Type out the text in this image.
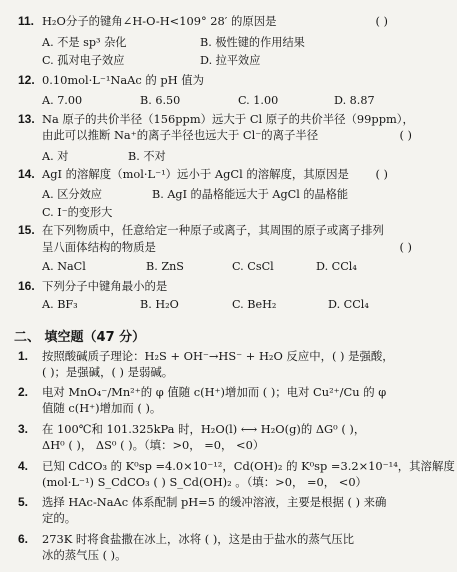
11. H₂O分子的键角∠H-O-H<109° 28′ 的原因是	( )
A. 不是 sp³ 杂化	B. 极性键的作用结果
C. 孤对电子效应	D. 拉平效应
12. 0.10mol·L⁻¹NaAc 的 pH 值为
A. 7.00	B. 6.50	C. 1.00	D. 8.87
13. Na 原子的共价半径（156ppm）远大于 Cl 原子的共价半径（99ppm），
由此可以推断 Na⁺的离子半径也远大于 Cl⁻的离子半径	( )
A. 对	B. 不对
14. AgI 的溶解度（mol·L⁻¹）远小于 AgCl 的溶解度，其原因是 ( )
A. 区分效应	B. AgI 的晶格能远大于 AgCl 的晶格能
C. I⁻的变形大
15. 在下列物质中，任意给定一种原子或离子，其周围的原子或离子排列
呈八面体结构的物质是	( )
A. NaCl	B. ZnS	C. CsCl	D. CCl₄
16. 下列分子中键角最小的是
A. BF₃	B. H₂O	C. BeH₂	D. CCl₄
二、 填空题（47 分）
1. 按照酸碱质子理论：H₂S + OH⁻→HS⁻ + H₂O 反应中，( ) 是强酸，
( )；是强碱，( ) 是弱碱。
2. 电对 MnO₄⁻/Mn²⁺的 φ 值随 c(H⁺)增加而 ( )；电对 Cu²⁺/Cu 的 φ
值随 c(H⁺)增加而 ( )。
3. 在 100℃和 101.325kPa 时，H₂O(l) ⟷ H₂O(g)的 ΔG⁰ ( )，
ΔH⁰ ( )， ΔS⁰ ( )。（填：>0， =0， <0）
4. 已知 CdCO₃ 的 K⁰sp =4.0×10⁻¹²，Cd(OH)₂ 的 K⁰sp =3.2×10⁻¹⁴，其溶解度
(mol·L⁻¹) S_CdCO₃ ( ) S_Cd(OH)₂ 。（填：>0， =0， <0）
5. 选择 HAc-NaAc 体系配制 pH=5 的缓冲溶液，主要是根据 ( ) 来确
定的。
6. 273K 时将食盐撒在冰上，冰将 ( )，这是由于盐水的蒸气压比
冰的蒸气压 ( )。
